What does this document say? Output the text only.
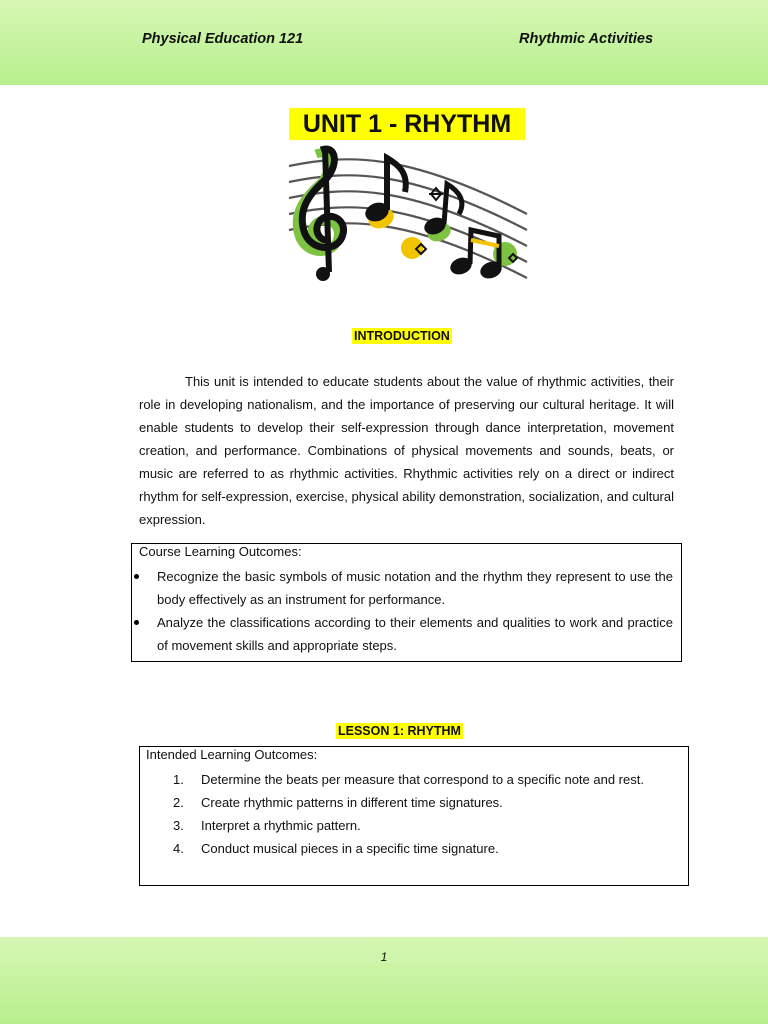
Physical Education 121	Rhythmic Activities
UNIT 1 - RHYTHM
INTRODUCTION
This unit is intended to educate students about the value of rhythmic activities, their role in developing nationalism, and the importance of preserving our cultural heritage. It will enable students to develop their self-expression through dance interpretation, movement creation, and performance. Combinations of physical movements and sounds, beats, or music are referred to as rhythmic activities. Rhythmic activities rely on a direct or indirect rhythm for self-expression, exercise, physical ability demonstration, socialization, and cultural expression.
Course Learning Outcomes:
Recognize the basic symbols of music notation and the rhythm they represent to use the body effectively as an instrument for performance.
Analyze the classifications according to their elements and qualities to work and practice of movement skills and appropriate steps.
LESSON 1: RHYTHM
Intended Learning Outcomes:
1. Determine the beats per measure that correspond to a specific note and rest.
2. Create rhythmic patterns in different time signatures.
3. Interpret a rhythmic pattern.
4. Conduct musical pieces in a specific time signature.
1
